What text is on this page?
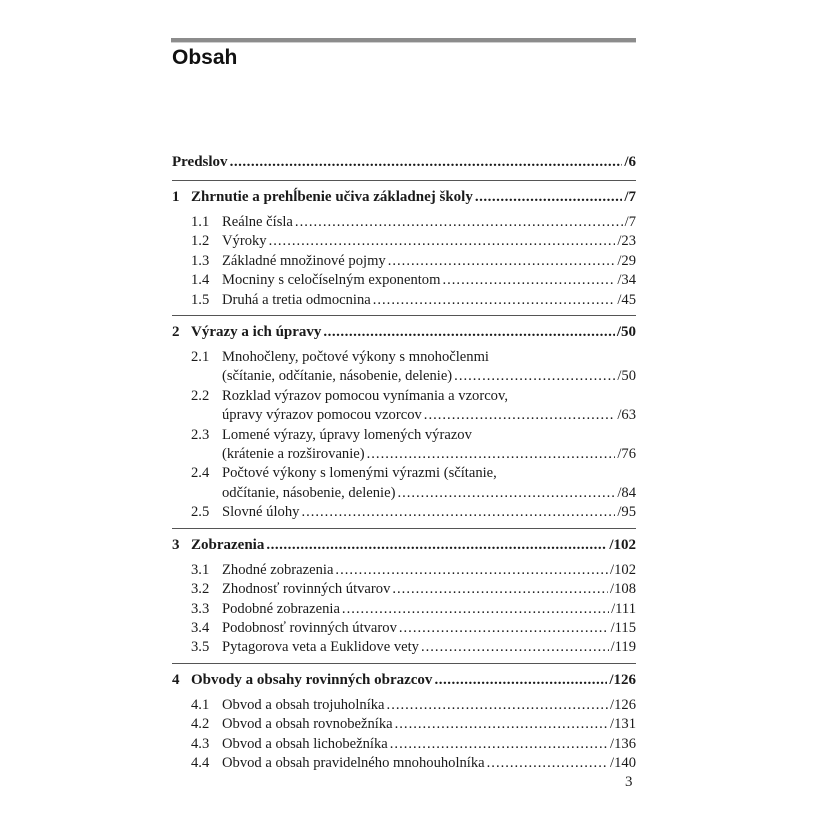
Obsah
Predslov .....	/6
1 Zhrnutie a prehĺbenie učiva základnej školy .....	/7
1.1 Reálne čísla .....	/7
1.2 Výroky .....	/23
1.3 Základné množinové pojmy .....	/29
1.4 Mocniny s celočíselným exponentom .....	/34
1.5 Druhá a tretia odmocnina .....	/45
2 Výrazy a ich úpravy .....	/50
2.1 Mnohočleny, počtové výkony s mnohočlenmi
(sčítanie, odčítanie, násobenie, delenie) .....	/50
2.2 Rozklad výrazov pomocou vynímania a vzorcov,
úpravy výrazov pomocou vzorcov .....	/63
2.3 Lomené výrazy, úpravy lomených výrazov
(krátenie a rozširovanie) .....	/76
2.4 Počtové výkony s lomenými výrazmi (sčítanie,
odčítanie, násobenie, delenie) .....	/84
2.5 Slovné úlohy .....	/95
3 Zobrazenia .....	/102
3.1 Zhodné zobrazenia .....	/102
3.2 Zhodnosť rovinných útvarov .....	/108
3.3 Podobné zobrazenia .....	/111
3.4 Podobnosť rovinných útvarov .....	/115
3.5 Pytagorova veta a Euklidove vety .....	/119
4 Obvody a obsahy rovinných obrazcov .....	/126
4.1 Obvod a obsah trojuholníka .....	/126
4.2 Obvod a obsah rovnobežníka .....	/131
4.3 Obvod a obsah lichobežníka .....	/136
4.4 Obvod a obsah pravidelného mnohouholníka .....	/140
3
